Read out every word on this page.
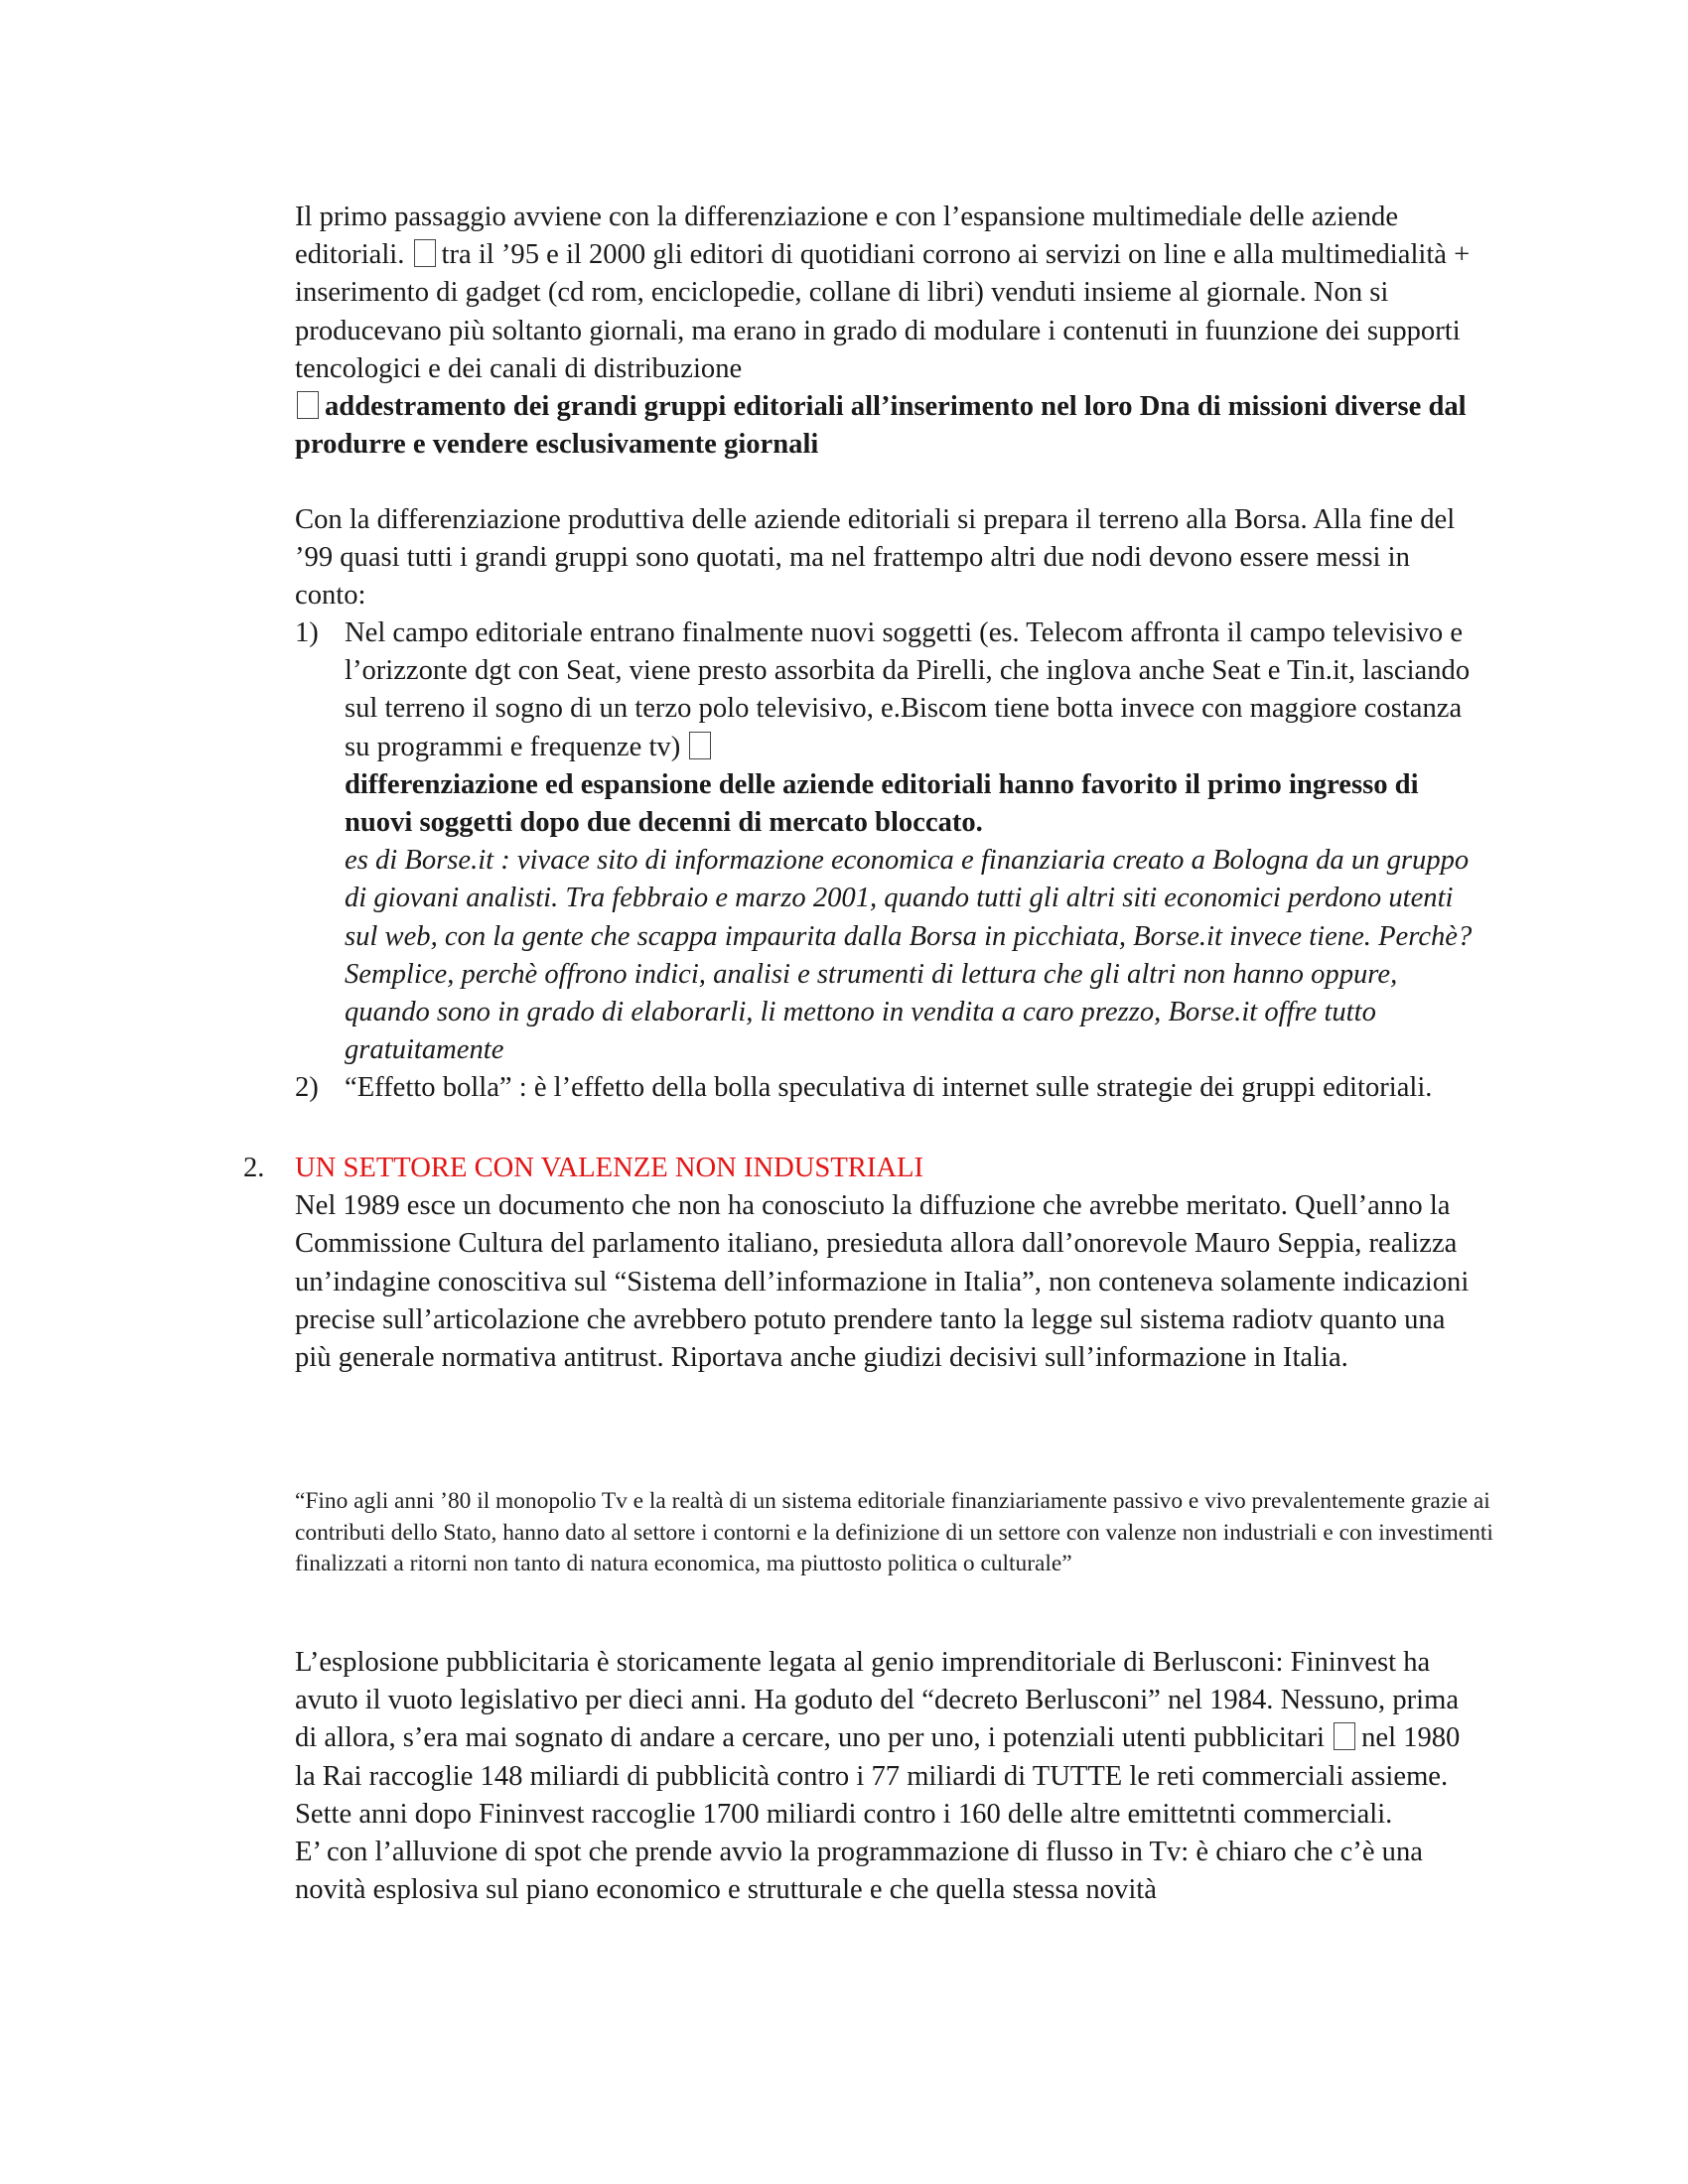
Il primo passaggio avviene con la differenziazione e con l’espansione multimediale delle aziende editoriali. tra il ’95 e il 2000 gli editori di quotidiani corrono ai servizi on line e alla multimedialità + inserimento di gadget (cd rom, enciclopedie, collane di libri) venduti insieme al giornale. Non si producevano più soltanto giornali, ma erano in grado di modulare i contenuti in fuunzione dei supporti tencologici e dei canali di distribuzione
addestramento dei grandi gruppi editoriali all’inserimento nel loro Dna di missioni diverse dal produrre e vendere esclusivamente giornali
Con la differenziazione produttiva delle aziende editoriali si prepara il terreno alla Borsa. Alla fine del ’99 quasi tutti i grandi gruppi sono quotati, ma nel frattempo altri due nodi devono essere messi in conto:
1) Nel campo editoriale entrano finalmente nuovi soggetti (es. Telecom affronta il campo televisivo e l’orizzonte dgt con Seat, viene presto assorbita da Pirelli, che inglova anche Seat e Tin.it, lasciando sul terreno il sogno di un terzo polo televisivo, e.Biscom tiene botta invece con maggiore costanza su programmi e frequenze tv)
differenziazione ed espansione delle aziende editoriali hanno favorito il primo ingresso di nuovi soggetti dopo due decenni di mercato bloccato.
es di Borse.it : vivace sito di informazione economica e finanziaria creato a Bologna da un gruppo di giovani analisti. Tra febbraio e marzo 2001, quando tutti gli altri siti economici perdono utenti sul web, con la gente che scappa impaurita dalla Borsa in picchiata, Borse.it invece tiene. Perchè? Semplice, perchè offrono indici, analisi e strumenti di lettura che gli altri non hanno oppure, quando sono in grado di elaborarli, li mettono in vendita a caro prezzo, Borse.it offre tutto gratuitamente
2) “Effetto bolla” : è l’effetto della bolla speculativa di internet sulle strategie dei gruppi editoriali.
2.	UN SETTORE CON VALENZE NON INDUSTRIALI
Nel 1989 esce un documento che non ha conosciuto la diffuzione che avrebbe meritato. Quell’anno la Commissione Cultura del parlamento italiano, presieduta allora dall’onorevole Mauro Seppia, realizza un’indagine conoscitiva sul “Sistema dell’informazione in Italia”, non conteneva solamente indicazioni precise sull’articolazione che avrebbero potuto prendere tanto la legge sul sistema radiotv quanto una più generale normativa antitrust. Riportava anche giudizi decisivi sull’informazione in Italia.
“Fino agli anni ’80 il monopolio Tv e la realtà di un sistema editoriale finanziariamente passivo e vivo prevalentemente grazie ai contributi dello Stato, hanno dato al settore i contorni e la definizione di un settore con valenze non industriali e con investimenti finalizzati a ritorni non tanto di natura economica, ma piuttosto politica o culturale”
L’esplosione pubblicitaria è storicamente legata al genio imprenditoriale di Berlusconi: Fininvest ha avuto il vuoto legislativo per dieci anni. Ha goduto del “decreto Berlusconi” nel 1984. Nessuno, prima di allora, s’era mai sognato di andare a cercare, uno per uno, i potenziali utenti pubblicitari nel 1980 la Rai raccoglie 148 miliardi di pubblicità contro i 77 miliardi di TUTTE le reti commerciali assieme. Sette anni dopo Fininvest raccoglie 1700 miliardi contro i 160 delle altre emittetnti commerciali.
E’ con l’alluvione di spot che prende avvio la programmazione di flusso in Tv: è chiaro che c’è una novità esplosiva sul piano economico e strutturale e che quella stessa novità
